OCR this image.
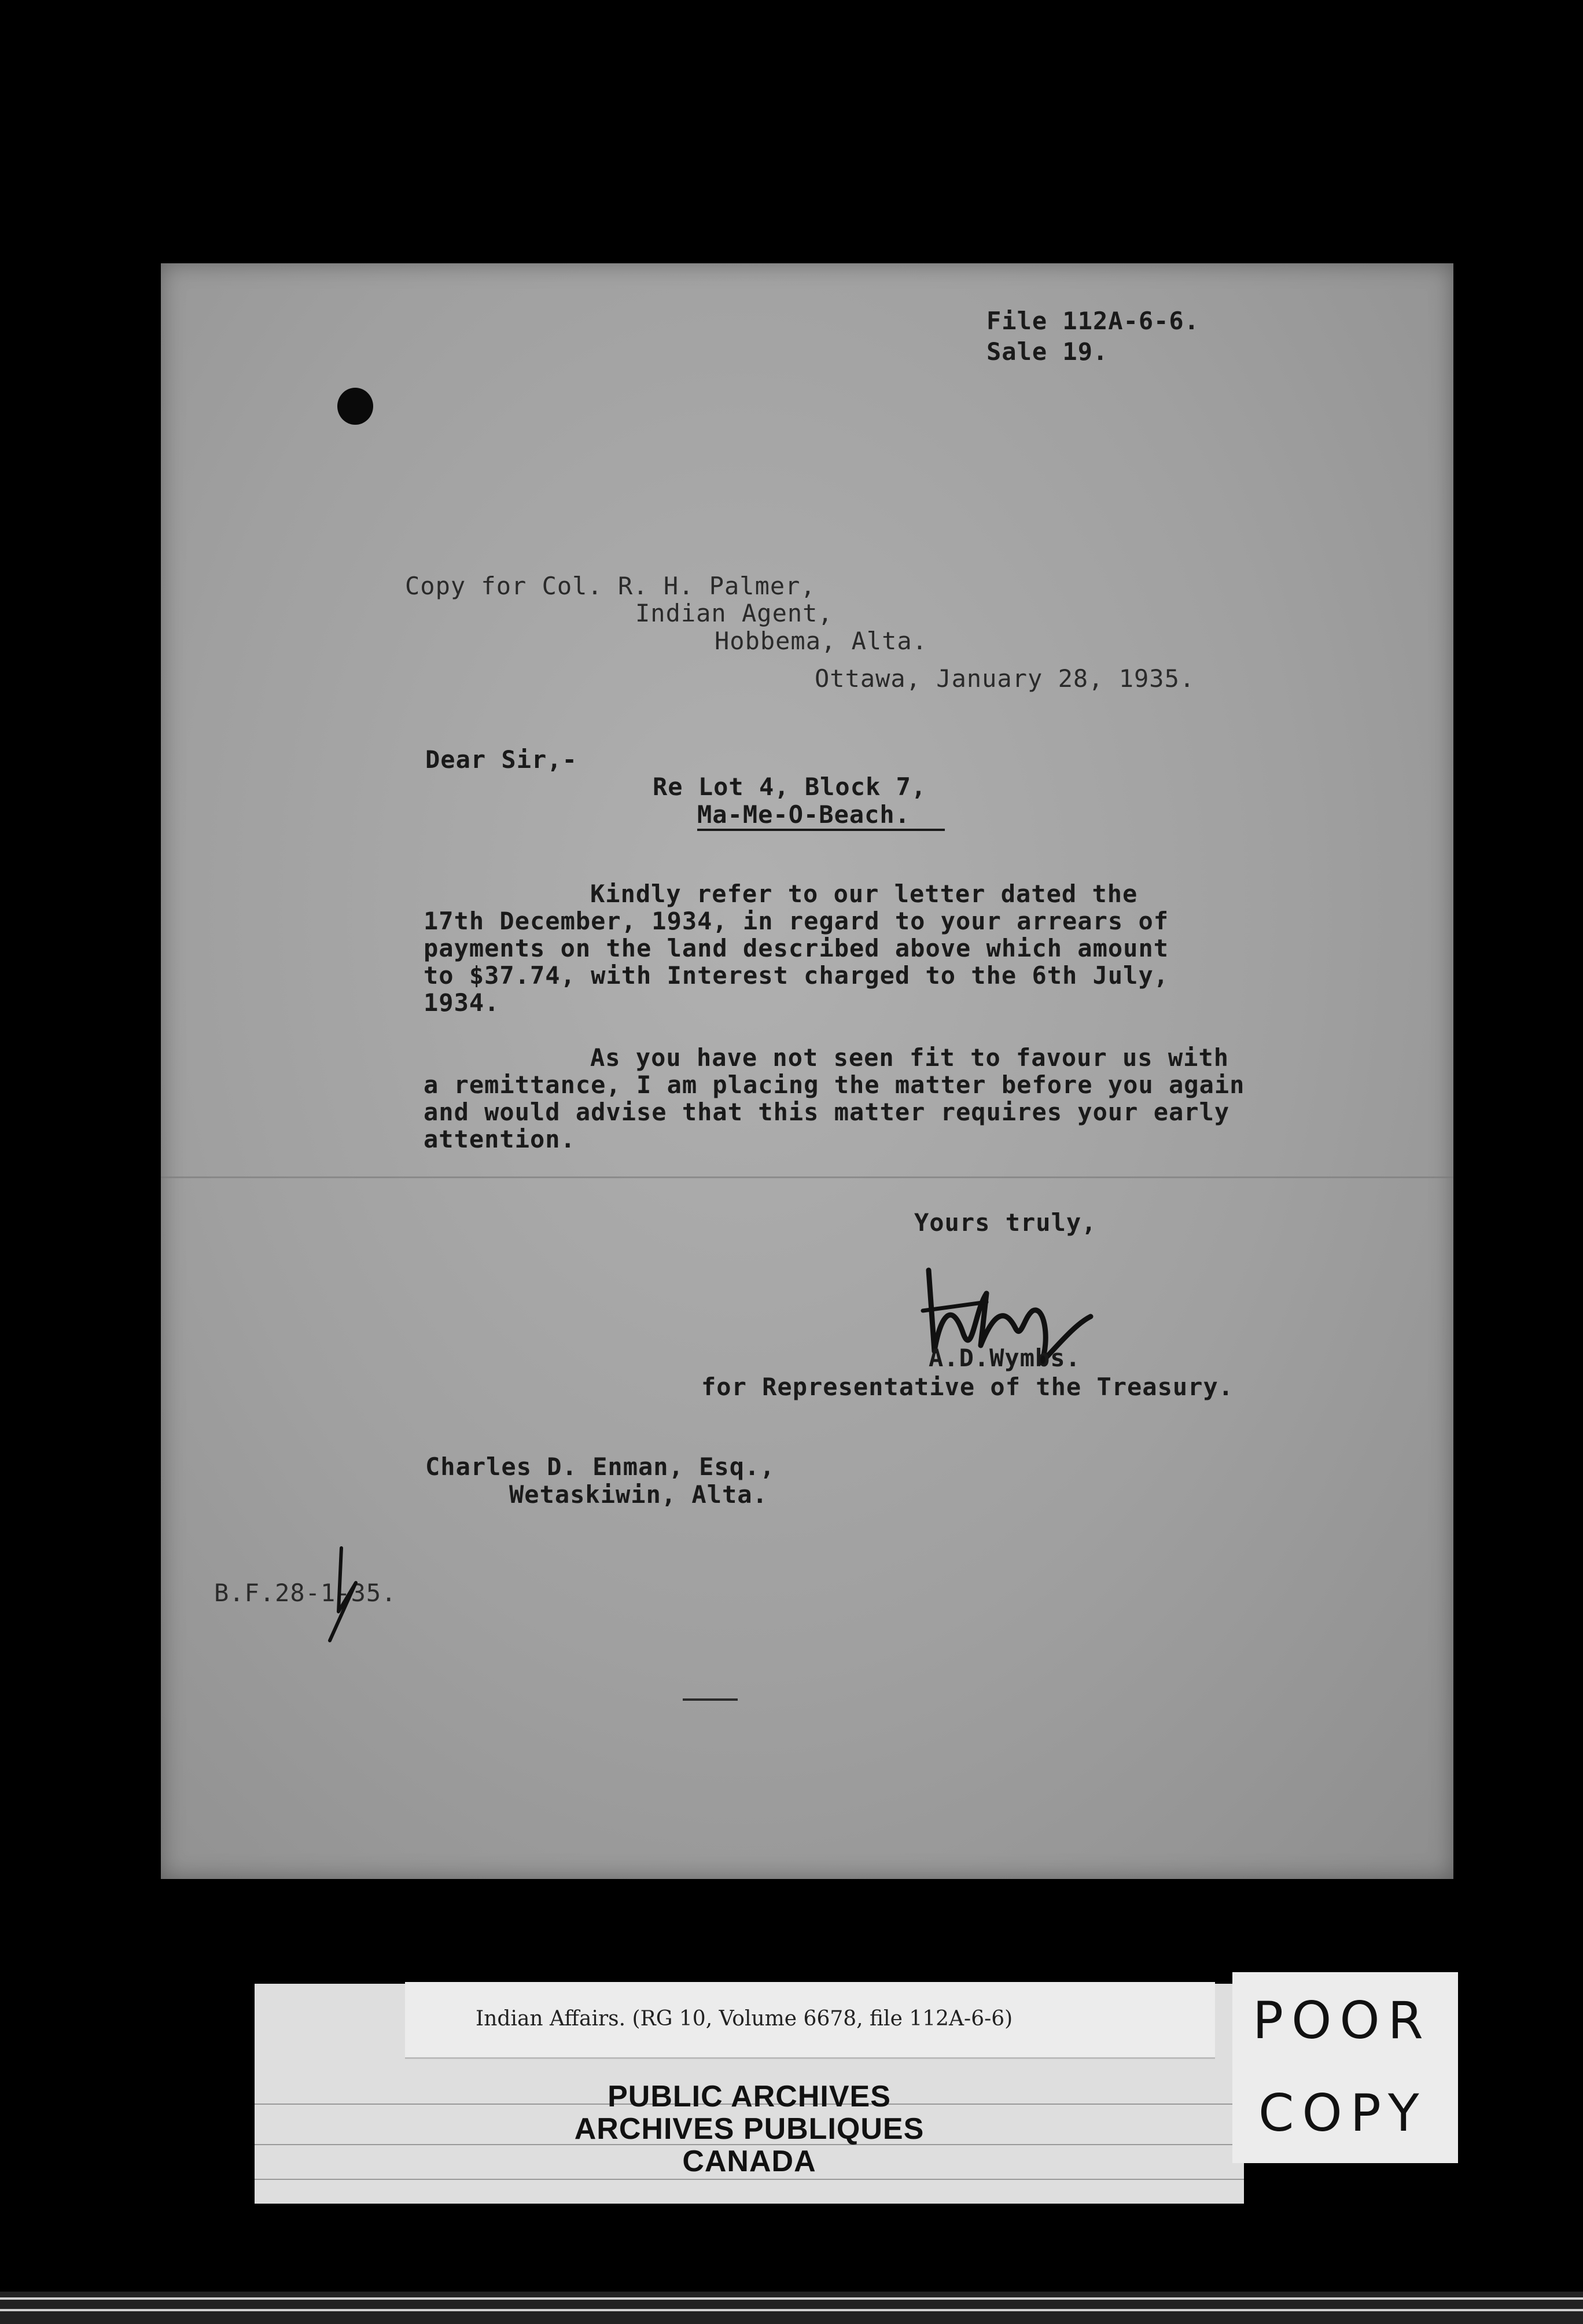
File 112A-6-6.
Sale 19.
Copy for Col. R. H. Palmer,
Indian Agent,
Hobbema, Alta.
Ottawa, January 28, 1935.
Dear Sir,-
Re Lot 4, Block 7,
Ma-Me-O-Beach.
Kindly refer to our letter dated the
17th December, 1934, in regard to your arrears of
payments on the land described above which amount
to $37.74, with Interest charged to the 6th July,
1934.
As you have not seen fit to favour us with
a remittance, I am placing the matter before you again
and would advise that this matter requires your early
attention.
Yours truly,
A.D.Wymbs.
for Representative of the Treasury.
Charles D. Enman, Esq.,
Wetaskiwin, Alta.
B.F.28-1-35.
Indian Affairs. (RG 10, Volume 6678, file 112A-6-6)
PUBLIC ARCHIVES
ARCHIVES PUBLIQUES
CANADA
POOR
COPY
